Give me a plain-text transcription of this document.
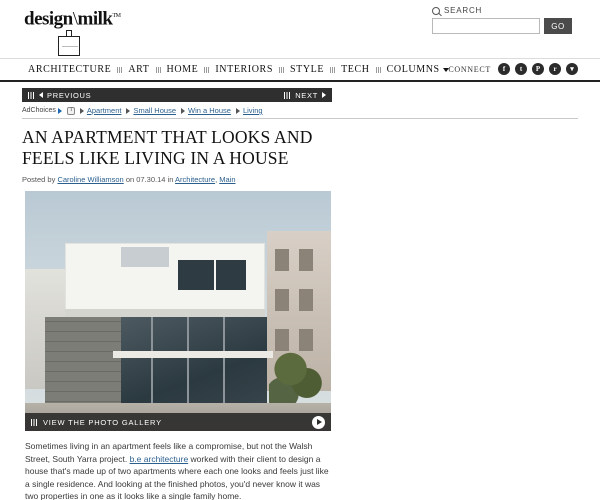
design\milk™
SEARCH
GO
ARCHITECTURE	ART	HOME	INTERIORS	STYLE	TECH	COLUMNS	CONNECT	f	t	P	r	▾
PREVIOUS	NEXT
AdChoices i	Apartment Small House Win a House Living
AN APARTMENT THAT LOOKS AND FEELS LIKE LIVING IN A HOUSE
Posted by Caroline Williamson on 07.30.14 in Architecture, Main
VIEW THE PHOTO GALLERY
Sometimes living in an apartment feels like a compromise, but not the Walsh Street, South Yarra project. b.e architecture worked with their client to design a house that's made up of two apartments where each one looks and feels just like a single residence. And looking at the finished photos, you'd never know it was two properties in one as it looks like a single family home.
